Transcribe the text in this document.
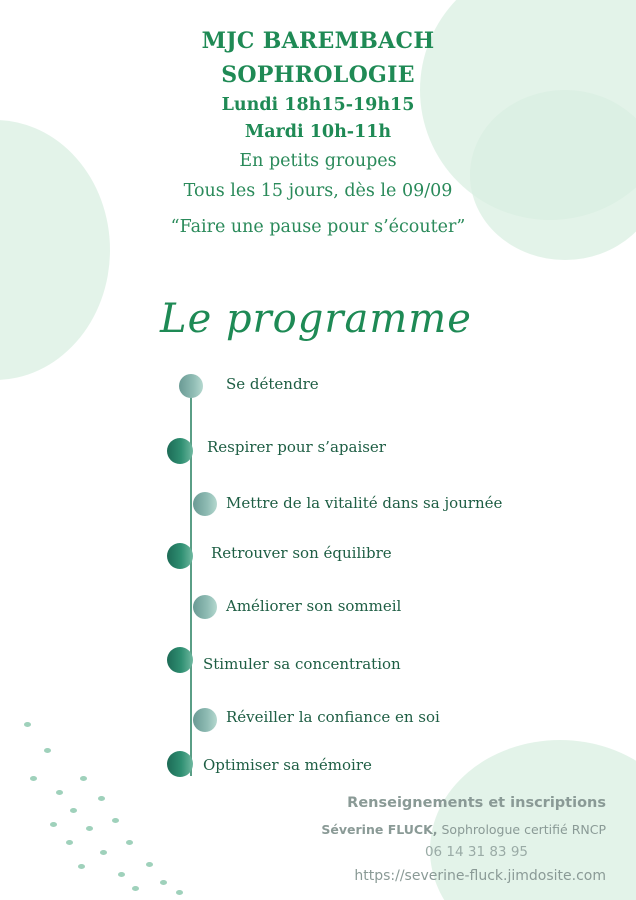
MJC BAREMBACH
SOPHROLOGIE
Lundi 18h15-19h15
Mardi 10h-11h
En petits groupes
Tous les 15 jours, dès le 09/09
“Faire une pause pour s’écouter”
Le programme
Se détendre
Respirer pour s’apaiser
Mettre de la vitalité dans sa journée
Retrouver son équilibre
Améliorer son sommeil
Stimuler sa concentration
Réveiller la confiance en soi
Optimiser sa mémoire
Renseignements et inscriptions
Séverine FLUCK, Sophrologue certifié RNCP
06 14 31 83 95
https://severine-fluck.jimdosite.com
